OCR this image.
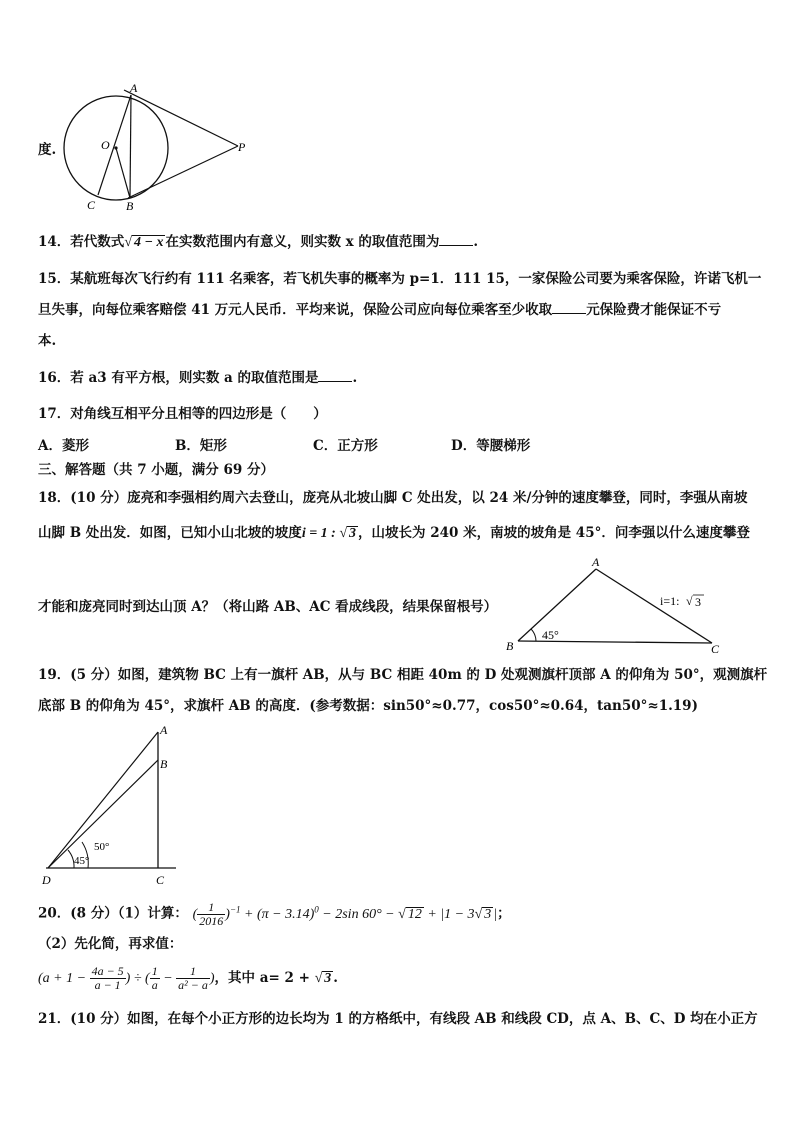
A
O	P
C	B
度.
14．若代数式√ 4 − x 在实数范围内有意义，则实数 x 的取值范围为	.
15．某航班每次飞行约有 111 名乘客，若飞机失事的概率为 p=1．111 15，一家保险公司要为乘客保险，许诺飞机一
旦失事，向每位乘客赔偿 41 万元人民币．平均来说，保险公司应向每位乘客至少收取	元保险费才能保证不亏
本.
16．若 a3 有平方根，则实数 a 的取值范围是	.
17．对角线互相平分且相等的四边形是（　　）
A．菱形	B．矩形	C．正方形	D．等腰梯形
三、解答题（共 7 小题，满分 69 分）
18．(10 分）庞亮和李强相约周六去登山，庞亮从北坡山脚 C 处出发，以 24 米/分钟的速度攀登，同时，李强从南坡
山脚 B 处出发．如图，已知小山北坡的坡度i = 1 : √ 3 ，山坡长为 240 米，南坡的坡角是 45°．问李强以什么速度攀登
才能和庞亮同时到达山顶 A？（将山路 AB、AC 看成线段，结果保留根号）
A
B	C
45°
i=1: √ 3
19．(5 分）如图，建筑物 BC 上有一旗杆 AB，从与 BC 相距 40m 的 D 处观测旗杆顶部 A 的仰角为 50°，观测旗杆
底部 B 的仰角为 45°，求旗杆 AB 的高度．(参考数据：sin50°≈0.77，cos50°≈0.64，tan50°≈1.19)
A
B
C
D
50°
45°
20．(8 分）（1）计算： ( $\frac{1}{2016} )^{-1} + (\pi - 3.14)^0 - 2\sin$ 60° − √ 12 + |1 − 3√ 3 |；
（2）先化简，再求值：
($a + 1 - \frac{4a - 5}{a - 1}$ ) ÷ ( $\frac{1}{a} - \frac{1}{\text{a² − a}}$ )，其中 a= 2 + √ 3 .
21．(10 分）如图，在每个小正方形的边长均为 1 的方格纸中，有线段 AB 和线段 CD，点 A、B、C、D 均在小正方
